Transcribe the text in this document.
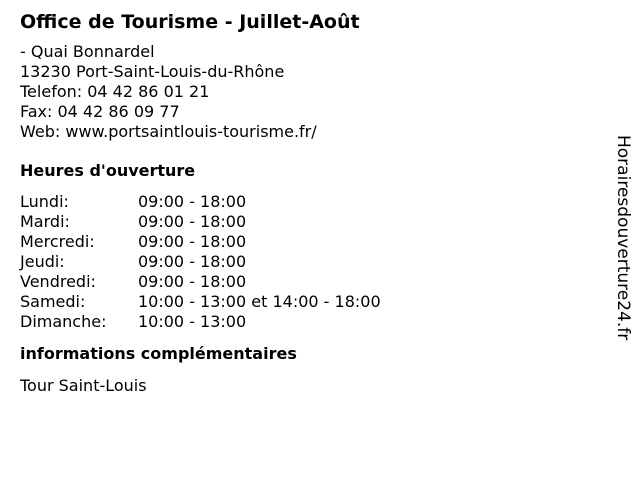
Office de Tourisme - Juillet-Août
- Quai Bonnardel
13230 Port-Saint-Louis-du-Rhône
Telefon: 04 42 86 01 21
Fax: 04 42 86 09 77
Web: www.portsaintlouis-tourisme.fr/
Heures d'ouverture
Lundi:	09:00 - 18:00
Mardi:	09:00 - 18:00
Mercredi:	09:00 - 18:00
Jeudi:	09:00 - 18:00
Vendredi:	09:00 - 18:00
Samedi:	10:00 - 13:00 et 14:00 - 18:00
Dimanche: 10:00 - 13:00
informations complémentaires
Tour Saint-Louis
Horairesdouverture24.fr
